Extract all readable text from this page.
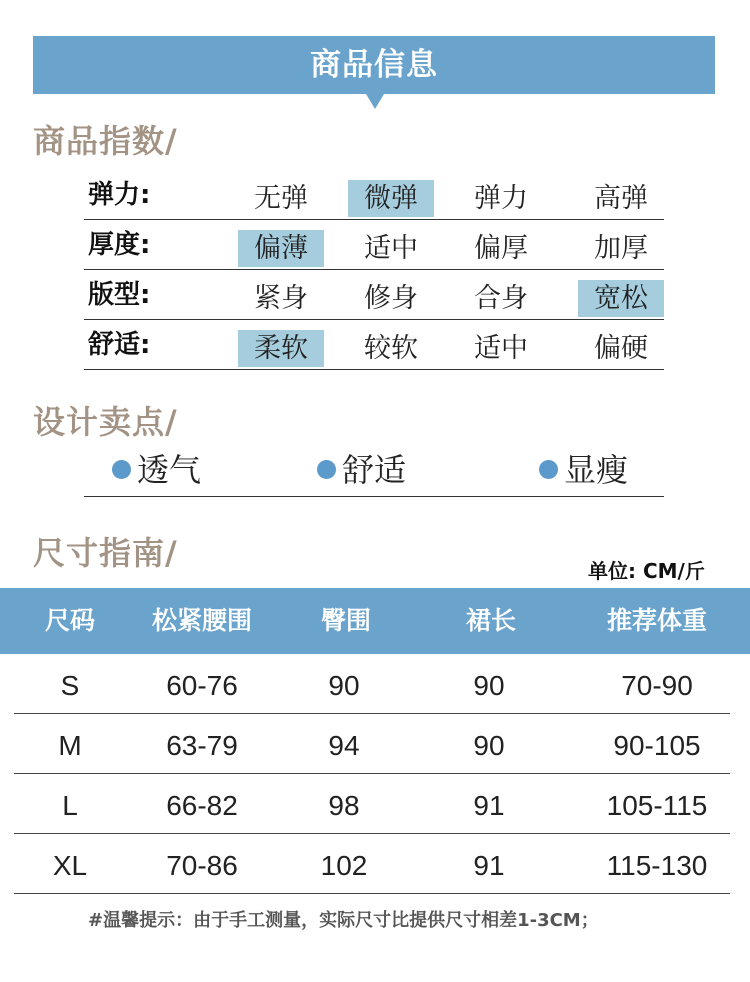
商品信息
商品指数/
弹力:	无弹	微弹	弹力	高弹
厚度:	偏薄	适中	偏厚	加厚
版型:	紧身	修身	合身	宽松
舒适:	柔软	较软	适中	偏硬
设计卖点/
透气	舒适	显瘦
尺寸指南/	单位: CM/斤
尺码	松紧腰围	臀围	裙长	推荐体重
S	60-76	90	90	70-90
M	63-79	94	90	90-105
L	66-82	98	91	105-115
XL	70-86	102	91	115-130
#温馨提示：由于手工测量，实际尺寸比提供尺寸相差1-3CM；
